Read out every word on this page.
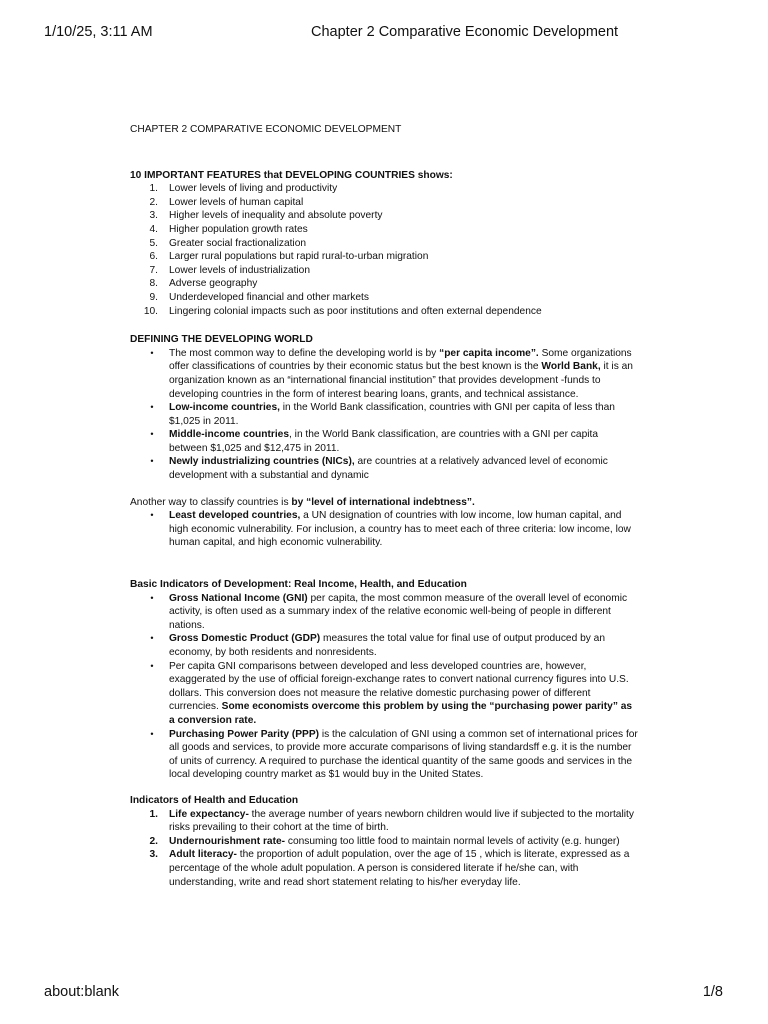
1/10/25, 3:11 AM	Chapter 2 Comparative Economic Development

CHAPTER 2 COMPARATIVE ECONOMIC DEVELOPMENT

10 IMPORTANT FEATURES that DEVELOPING COUNTRIES shows:

1. Lower levels of living and productivity
2. Lower levels of human capital
3. Higher levels of inequality and absolute poverty
4. Higher population growth rates
5. Greater social fractionalization
6. Larger rural populations but rapid rural-to-urban migration
7. Lower levels of industrialization
8. Adverse geography
9. Underdeveloped financial and other markets
10. Lingering colonial impacts such as poor institutions and often external dependence

DEFINING THE DEVELOPING WORLD

• The most common way to define the developing world is by “per capita income”. Some organizations offer classifications of countries by their economic status but the best known is the World Bank, it is an organization known as an “international financial institution” that provides development -funds to developing countries in the form of interest bearing loans, grants, and technical assistance.
• Low-income countries, in the World Bank classification, countries with GNI per capita of less than $1,025 in 2011.
• Middle-income countries, in the World Bank classification, are countries with a GNI per capita between $1,025 and $12,475 in 2011.
• Newly industrializing countries (NICs), are countries at a relatively advanced level of economic development with a substantial and dynamic

Another way to classify countries is by “level of international indebtness”.

• Least developed countries, a UN designation of countries with low income, low human capital, and high economic vulnerability. For inclusion, a country has to meet each of three criteria: low income, low human capital, and high economic vulnerability.

Basic Indicators of Development: Real Income, Health, and Education

• Gross National Income (GNI) per capita, the most common measure of the overall level of economic activity, is often used as a summary index of the relative economic well-being of people in different nations.
• Gross Domestic Product (GDP) measures the total value for final use of output produced by an economy, by both residents and nonresidents.
• Per capita GNI comparisons between developed and less developed countries are, however, exaggerated by the use of official foreign-exchange rates to convert national currency figures into U.S. dollars. This conversion does not measure the relative domestic purchasing power of different currencies. Some economists overcome this problem by using the “purchasing power parity” as a conversion rate.
• Purchasing Power Parity (PPP) is the calculation of GNI using a common set of international prices for all goods and services, to provide more accurate comparisons of living standardsff e.g. it is the number of units of currency. A required to purchase the identical quantity of the same goods and services in the local developing country market as $1 would buy in the United States.

Indicators of Health and Education

1. Life expectancy- the average number of years newborn children would live if subjected to the mortality risks prevailing to their cohort at the time of birth.
2. Undernourishment rate- consuming too little food to maintain normal levels of activity (e.g. hunger)
3. Adult literacy- the proportion of adult population, over the age of 15 , which is literate, expressed as a percentage of the whole adult population. A person is considered literate if he/she can, with understanding, write and read short statement relating to his/her everyday life.
about:blank	1/8
